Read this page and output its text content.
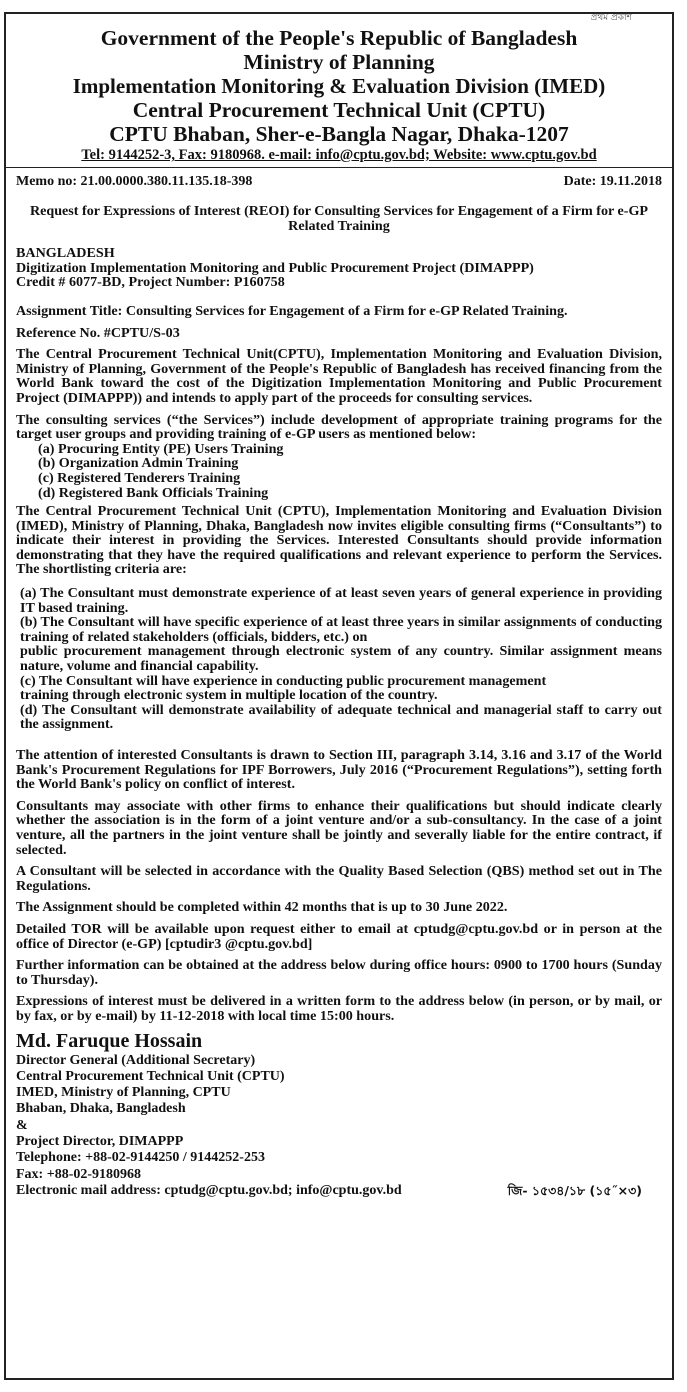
প্রথম প্রকাশ
Government of the People's Republic of Bangladesh
Ministry of Planning
Implementation Monitoring & Evaluation Division (IMED)
Central Procurement Technical Unit (CPTU)
CPTU Bhaban, Sher-e-Bangla Nagar, Dhaka-1207
Tel: 9144252-3, Fax: 9180968. e-mail: info@cptu.gov.bd; Website: www.cptu.gov.bd
Memo no: 21.00.0000.380.11.135.18-398	Date: 19.11.2018

Request for Expressions of Interest (REOI) for Consulting Services for Engagement of a Firm for e-GP Related Training

BANGLADESH
Digitization Implementation Monitoring and Public Procurement Project (DIMAPPP)
Credit # 6077-BD, Project Number: P160758

Assignment Title: Consulting Services for Engagement of a Firm for e-GP Related Training.

Reference No. #CPTU/S-03

The Central Procurement Technical Unit(CPTU), Implementation Monitoring and Evaluation Division, Ministry of Planning, Government of the People's Republic of Bangladesh has received financing from the World Bank toward the cost of the Digitization Implementation Monitoring and Public Procurement Project (DIMAPPP)) and intends to apply part of the proceeds for consulting services.

The consulting services (“the Services”) include development of appropriate training programs for the target user groups and providing training of e-GP users as mentioned below:

(a) Procuring Entity (PE) Users Training
(b) Organization Admin Training
(c) Registered Tenderers Training
(d) Registered Bank Officials Training

The Central Procurement Technical Unit (CPTU), Implementation Monitoring and Evaluation Division (IMED), Ministry of Planning, Dhaka, Bangladesh now invites eligible consulting firms (“Consultants”) to indicate their interest in providing the Services. Interested Consultants should provide information demonstrating that they have the required qualifications and relevant experience to perform the Services. The shortlisting criteria are:

(a) The Consultant must demonstrate experience of at least seven years of general experience in providing IT based training.

(b) The Consultant will have specific experience of at least three years in similar assignments of conducting training of related stakeholders (officials, bidders, etc.) on

public procurement management through electronic system of any country. Similar assignment means nature, volume and financial capability.

(c) The Consultant will have experience in conducting public procurement management

training through electronic system in multiple location of the country.

(d) The Consultant will demonstrate availability of adequate technical and managerial staff to carry out the assignment.

The attention of interested Consultants is drawn to Section III, paragraph 3.14, 3.16 and 3.17 of the World Bank's Procurement Regulations for IPF Borrowers, July 2016 (“Procurement Regulations”), setting forth the World Bank's policy on conflict of interest.

Consultants may associate with other firms to enhance their qualifications but should indicate clearly whether the association is in the form of a joint venture and/or a sub-consultancy. In the case of a joint venture, all the partners in the joint venture shall be jointly and severally liable for the entire contract, if selected.

A Consultant will be selected in accordance with the Quality Based Selection (QBS) method set out in The Regulations.

The Assignment should be completed within 42 months that is up to 30 June 2022.

Detailed TOR will be available upon request either to email at cptudg@cptu.gov.bd or in person at the office of Director (e-GP) [cptudir3 @cptu.gov.bd]

Further information can be obtained at the address below during office hours: 0900 to 1700 hours (Sunday to Thursday).

Expressions of interest must be delivered in a written form to the address below (in person, or by mail, or by fax, or by e-mail) by 11-12-2018 with local time 15:00 hours.

Md. Faruque Hossain
Director General (Additional Secretary)
Central Procurement Technical Unit (CPTU)
IMED, Ministry of Planning, CPTU
Bhaban, Dhaka, Bangladesh
&
Project Director, DIMAPPP
Telephone: +88-02-9144250 / 9144252-253
Fax: +88-02-9180968
Electronic mail address: cptudg@cptu.gov.bd; info@cptu.gov.bd	জি- ১৫৩৪/১৮ (১৫˝×৩)
